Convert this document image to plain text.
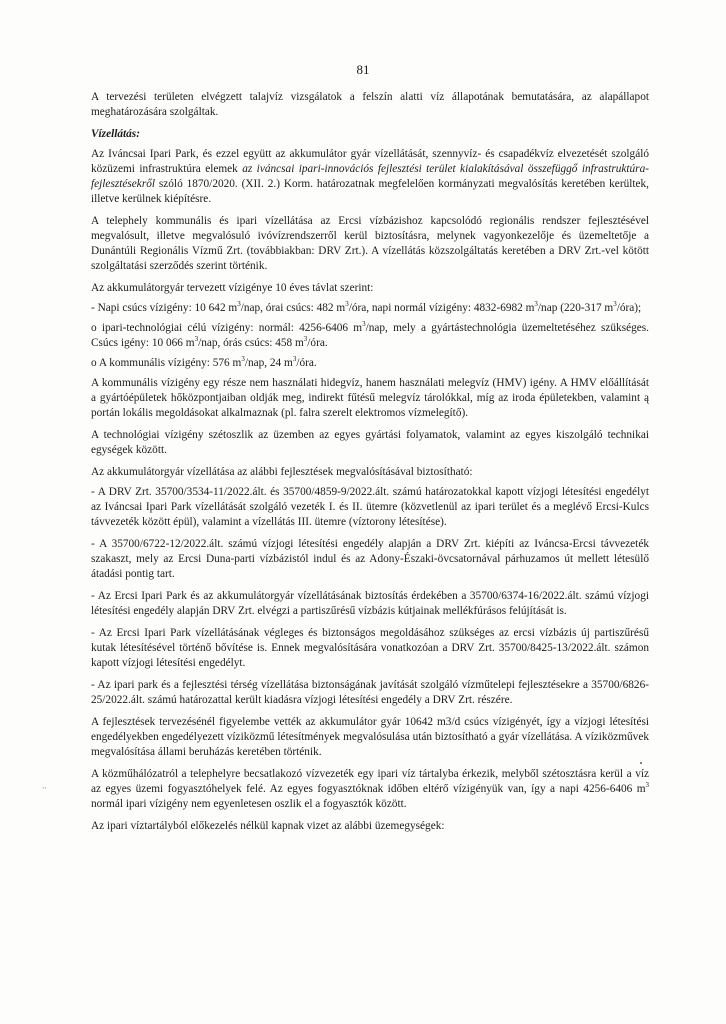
81
‚‚

A tervezési területen elvégzett talajvíz vizsgálatok a felszín alatti víz állapotának bemutatására, az alapállapot meghatározására szolgáltak.

Vízellátás:

Az Iváncsai Ipari Park, és ezzel együtt az akkumulátor gyár vízellátását, szennyvíz- és csapadékvíz elvezetését szolgáló közüzemi infrastruktúra elemek az iváncsai ipari-innovációs fejlesztési terület kialakításával összefüggő infrastruktúra-fejlesztésekről szóló 1870/2020. (XII. 2.) Korm. határozatnak megfelelően kormányzati megvalósítás keretében kerültek, illetve kerülnek kiépítésre.

A telephely kommunális és ipari vízellátása az Ercsi vízbázishoz kapcsolódó regionális rendszer fejlesztésével megvalósult, illetve megvalósuló ivóvízrendszerről kerül biztosításra, melynek vagyonkezelője és üzemeltetője a Dunántúli Regionális Vízmű Zrt. (továbbiakban: DRV Zrt.). A vízellátás közszolgáltatás keretében a DRV Zrt.-vel kötött szolgáltatási szerződés szerint történik.

Az akkumulátorgyár tervezett vízigénye 10 éves távlat szerint:

- Napi csúcs vízigény: 10 642 $m^3$/nap, órai csúcs: 482 $m^3$/óra, napi normál vízigény: 4832-6982 $m^3$/nap (220-317 $m^3/óra$);

o ipari-technológiai célú vízigény: normál: 4256-6406 $m^3$/nap, mely a gyártástechnológia üzemeltetéséhez szükséges. Csúcs igény: 10 066 $m^3$/nap, órás csúcs: 458 $m^3$/óra.

o A kommunális vízigény: 576 $m^3$/nap, 24 $m^3$/óra.

A kommunális vízigény egy része nem használati hidegvíz, hanem használati melegvíz (HMV) igény. A HMV előállítását a gyártóépületek hőközpontjaiban oldják meg, indirekt fűtésű melegvíz tárolókkal, míg az iroda épületekben, valamint ą portán lokális megoldásokat alkalmaznak (pl. falra szerelt elektromos vízmelegítő).

A technológiai vízigény szétoszlik az üzemben az egyes gyártási folyamatok, valamint az egyes kiszolgáló technikai egységek között.

Az akkumulátorgyár vízellátása az alábbi fejlesztések megvalósításával biztosítható:

- A DRV Zrt. 35700/3534-11/2022.ált. és 35700/4859-9/2022.ált. számú határozatokkal kapott vízjogi létesítési engedélyt az Iváncsai Ipari Park vízellátását szolgáló vezeték I. és II. ütemre (közvetlenül az ipari terület és a meglévő Ercsi-Kulcs távvezeték között épül), valamint a vízellátás III. ütemre (víztorony létesítése).

- A 35700/6722-12/2022.ált. számú vízjogi létesítési engedély alapján a DRV Zrt. kiépíti az Iváncsa-Ercsi távvezeték szakaszt, mely az Ercsi Duna-parti vízbázistól indul és az Adony-Északi-övcsatornával párhuzamos út mellett létesülő átadási pontig tart.

- Az Ercsi Ipari Park és az akkumulátorgyár vízellátásának biztosítás érdekében a 35700/6374-16/2022.ált. számú vízjogi létesítési engedély alapján DRV Zrt. elvégzi a partiszűrésű vízbázis kútjainak mellékfúrásos felújítását is.

- Az Ercsi Ipari Park vízellátásának végleges és biztonságos megoldásához szükséges az ercsi vízbázis új partiszűrésű kutak létesítésével történő bővítése is. Ennek megvalósítására vonatkozóan a DRV Zrt. 35700/8425-13/2022.ált. számon kapott vízjogi létesítési engedélyt.

- Az ipari park és a fejlesztési térség vízellátása biztonságának javítását szolgáló vízműtelepi fejlesztésekre a 35700/6826-25/2022.ált. számú határozattal került kiadásra vízjogi létesítési engedély a DRV Zrt. részére.

A fejlesztések tervezésénél figyelembe vették az akkumulátor gyár 10642 m3/d csúcs vízigényét, így a vízjogi létesítési engedélyekben engedélyezett víziközmű létesítmények megvalósulása után biztosítható a gyár vízellátása. A víziközművek megvalósítása állami beruházás keretében történik.

A közműhálózatról a telephelyre becsatlakozó vízvezeték egy ipari víz tártalyba érkezik, melyből szétosztásra kerül a víz az egyes üzemi fogyasztóhelyek felé. Az egyes fogyasztóknak időben eltérő vízigényük van, így a napi 4256-6406 $m^3$ normál ipari vízigény nem egyenletesen oszlik el a fogyasztók között.

Az ipari víztartályból előkezelés nélkül kapnak vizet az alábbi üzemegységek:
